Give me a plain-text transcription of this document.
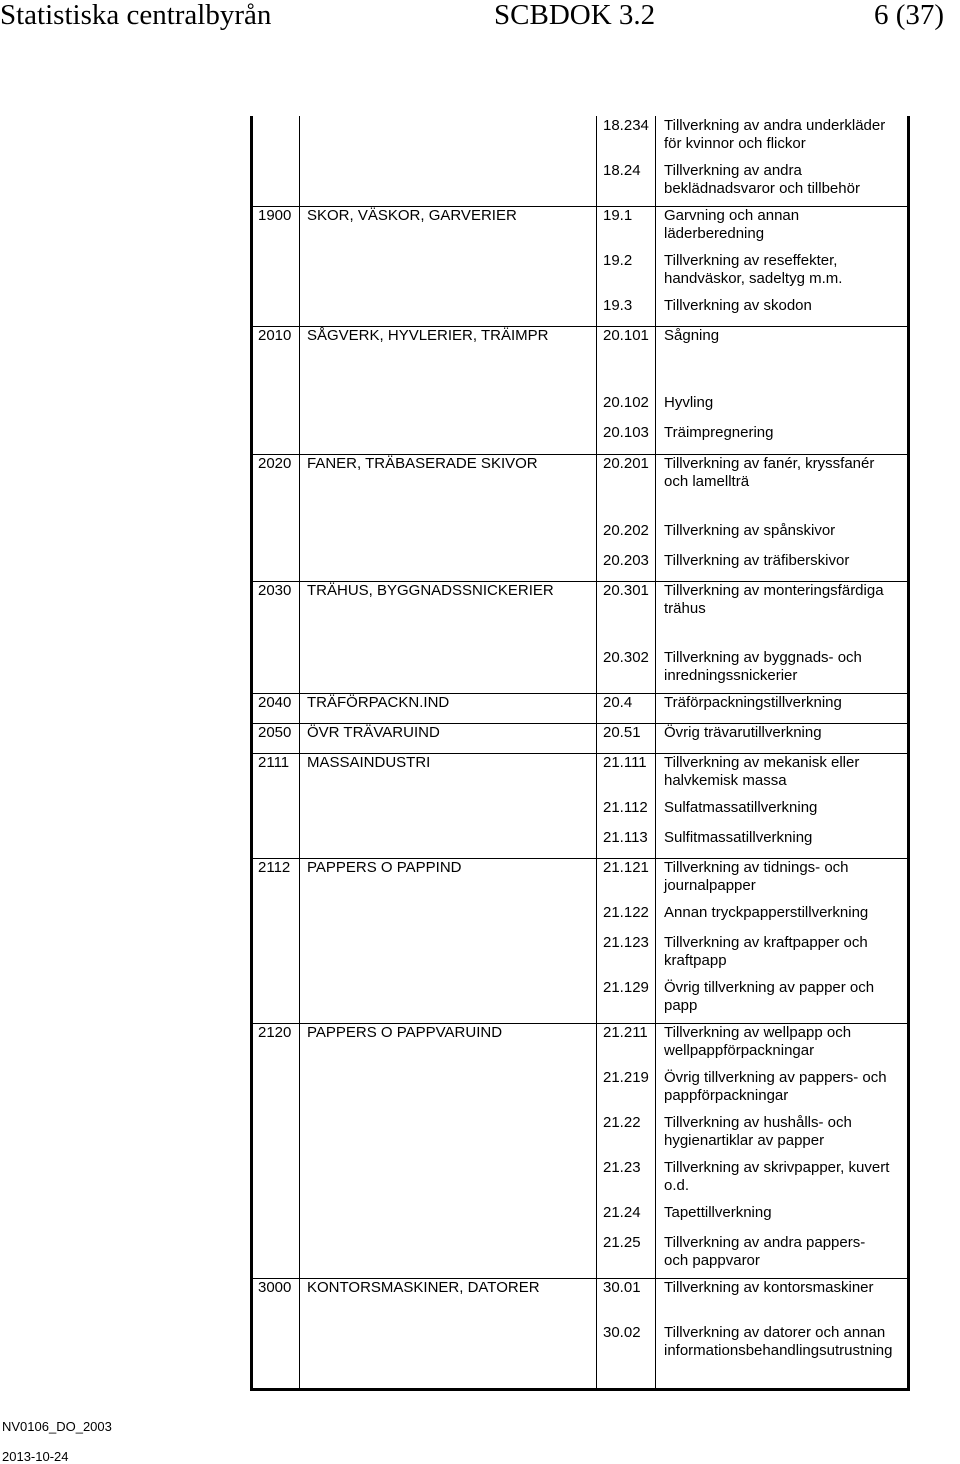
Statistiska centralbyrån	SCBDOK 3.2	6 (37)
18.234 Tillverkning av andra underkläder
för kvinnor och flickor
18.24 Tillverkning av andra
beklädnadsvaror och tillbehör
1900 SKOR, VÄSKOR, GARVERIER	19.1 Garvning och annan
läderberedning
19.2 Tillverkning av reseffekter,
handväskor, sadeltyg m.m.
19.3 Tillverkning av skodon
2010 SÅGVERK, HYVLERIER, TRÄIMPR	20.101 Sågning
20.102 Hyvling
20.103 Träimpregnering
2020 FANER, TRÄBASERADE SKIVOR	20.201 Tillverkning av fanér, kryssfanér
och lamellträ
20.202 Tillverkning av spånskivor
20.203 Tillverkning av träfiberskivor
2030 TRÄHUS, BYGGNADSSNICKERIER	20.301 Tillverkning av monteringsfärdiga
trähus
20.302 Tillverkning av byggnads- och
inredningssnickerier
2040 TRÄFÖRPACKN.IND	20.4 Träförpackningstillverkning
2050 ÖVR TRÄVARUIND	20.51 Övrig trävarutillverkning
2111 MASSAINDUSTRI	21.111 Tillverkning av mekanisk eller
halvkemisk massa
21.112 Sulfatmassatillverkning
21.113 Sulfitmassatillverkning
2112 PAPPERS O PAPPIND	21.121 Tillverkning av tidnings- och
journalpapper
21.122 Annan tryckpapperstillverkning
21.123 Tillverkning av kraftpapper och
kraftpapp
21.129 Övrig tillverkning av papper och
papp
2120 PAPPERS O PAPPVARUIND	21.211 Tillverkning av wellpapp och
wellpappförpackningar
21.219 Övrig tillverkning av pappers- och
pappförpackningar
21.22 Tillverkning av hushålls- och
hygienartiklar av papper
21.23 Tillverkning av skrivpapper, kuvert
o.d.
21.24 Tapettillverkning
21.25 Tillverkning av andra pappers-
och pappvaror
3000 KONTORSMASKINER, DATORER	30.01 Tillverkning av kontorsmaskiner
30.02 Tillverkning av datorer och annan
informationsbehandlingsutrustning
NV0106_DO_2003
2013-10-24
